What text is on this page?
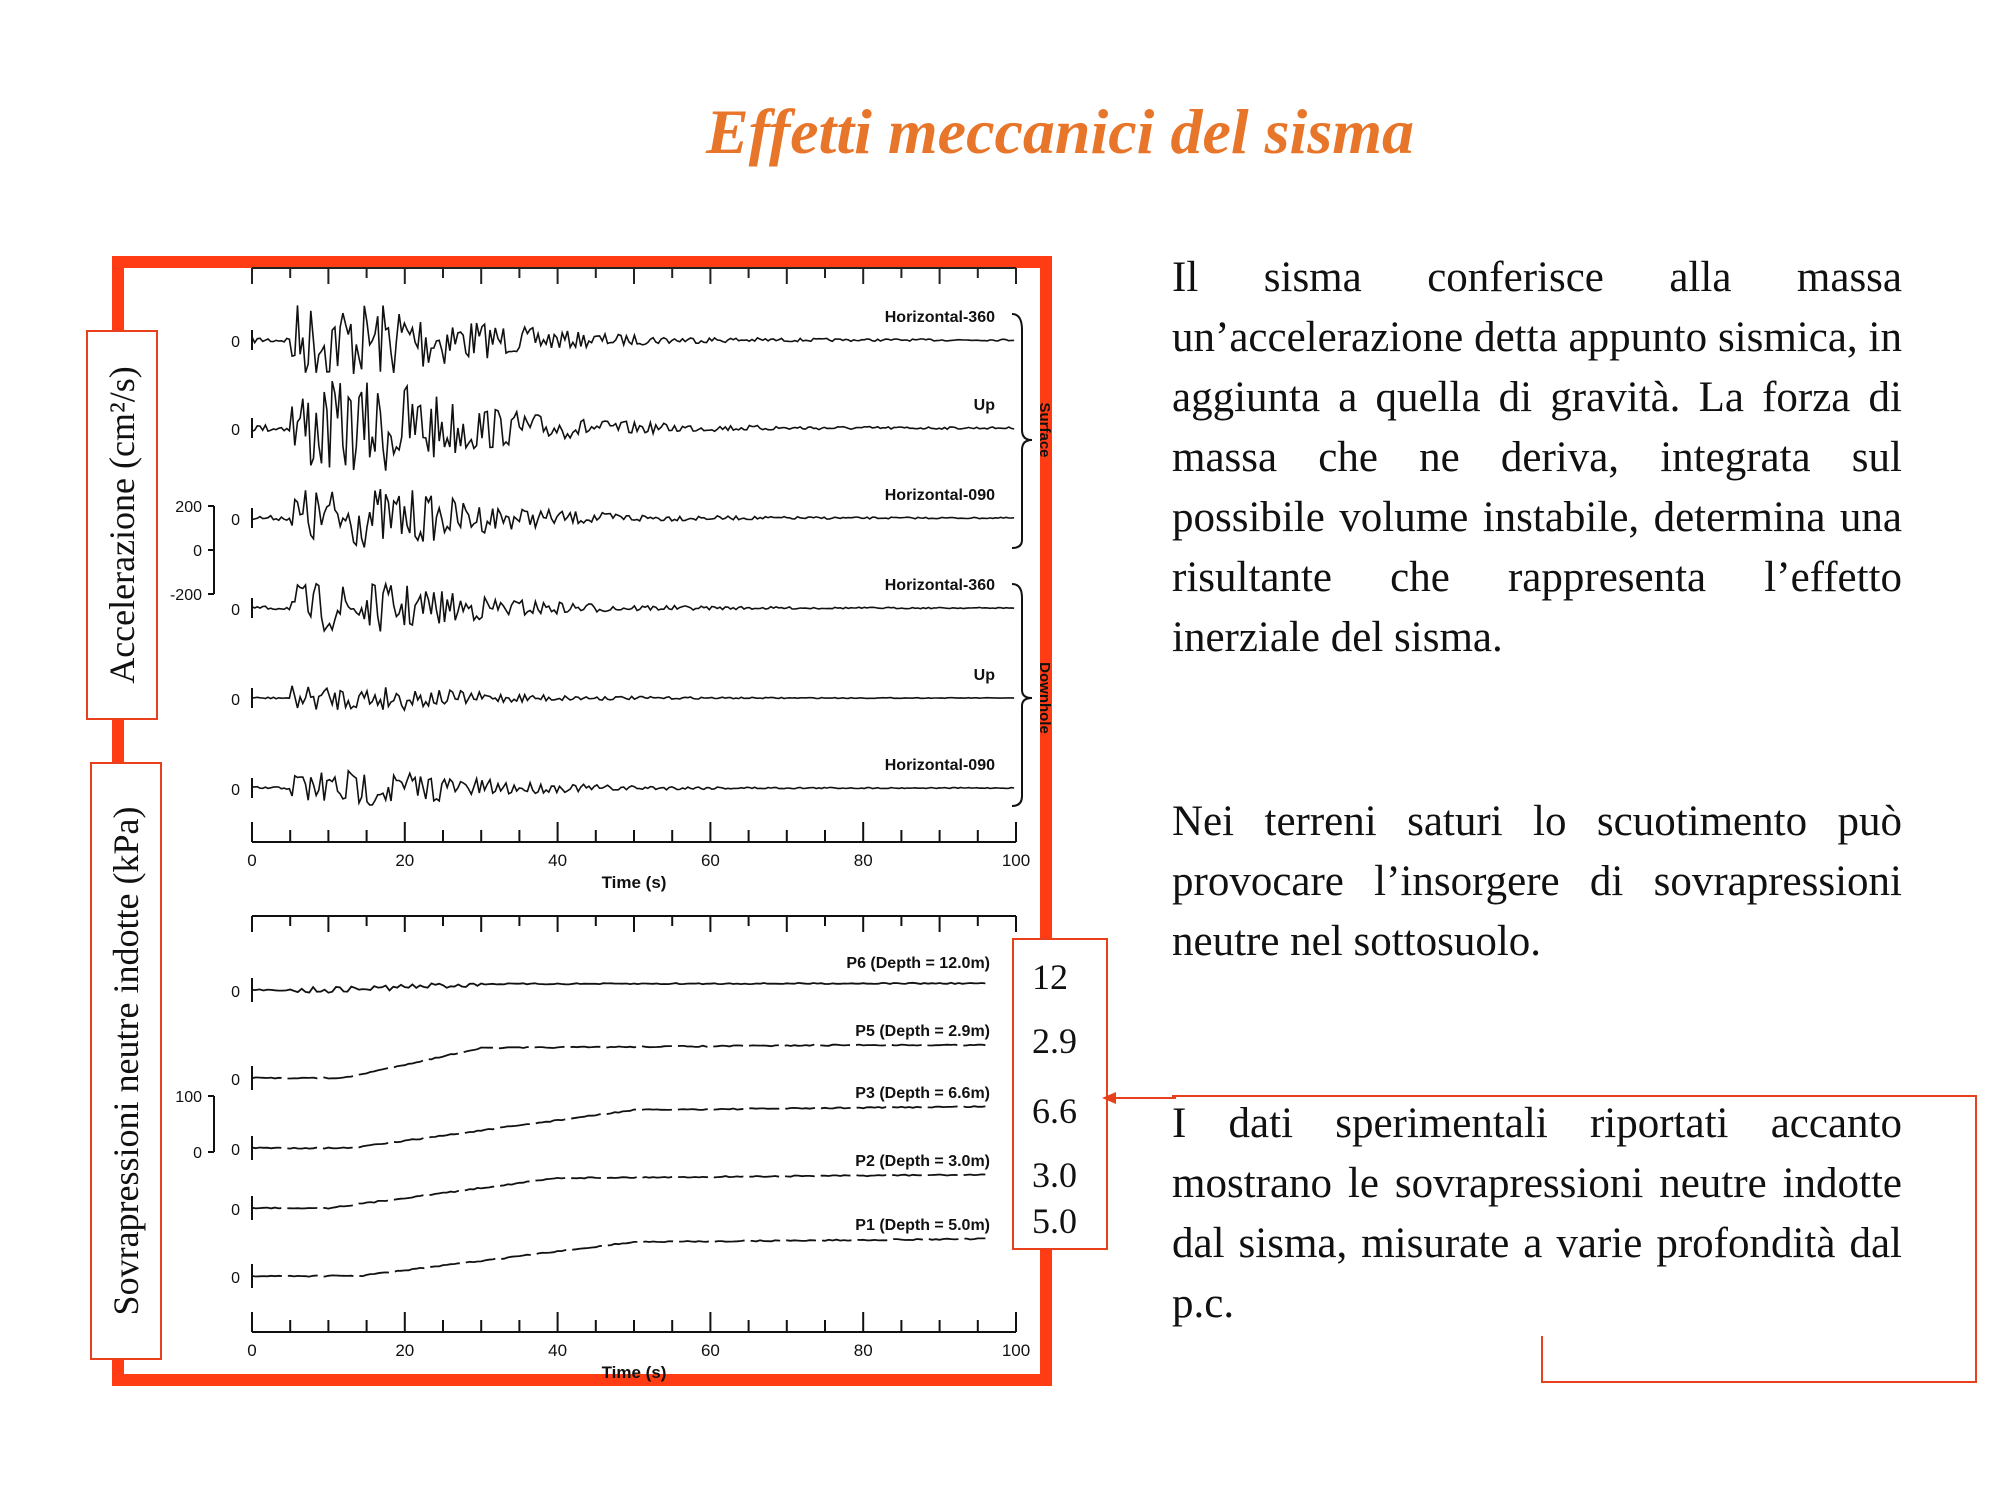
Effetti meccanici del sisma
0
Horizontal-360
0
Up
0
Horizontal-090
0
Horizontal-360
0
Up
0
Horizontal-090
Surface
Downhole
200
0
-200
0	20	40	60	80	100
Time (s)
0
P6 (Depth = 12.0m)
0
P5 (Depth = 2.9m)
0
P3 (Depth = 6.6m)
0
P2 (Depth = 3.0m)
0
P1 (Depth = 5.0m)
100
0
0	20	40	60	80	100
Time (s)
Accelerazione (cm²/s)
Sovrapressioni neutre indotte (kPa)	12
2.9
6.6
3.0
5.0

Il sisma conferisce alla massa un’accelerazione detta appunto sismica, in aggiunta a quella di gravità. La forza di massa che ne deriva, integrata sul possibile volume instabile, determina una risultante che rappresenta l’effetto inerziale del sisma.

Nei terreni saturi lo scuotimento può provocare l’insorgere di sovrapressioni neutre nel sottosuolo.

I dati sperimentali riportati accanto mostrano le sovrapressioni neutre indotte dal sisma, misurate a varie profondità dal p.c.
